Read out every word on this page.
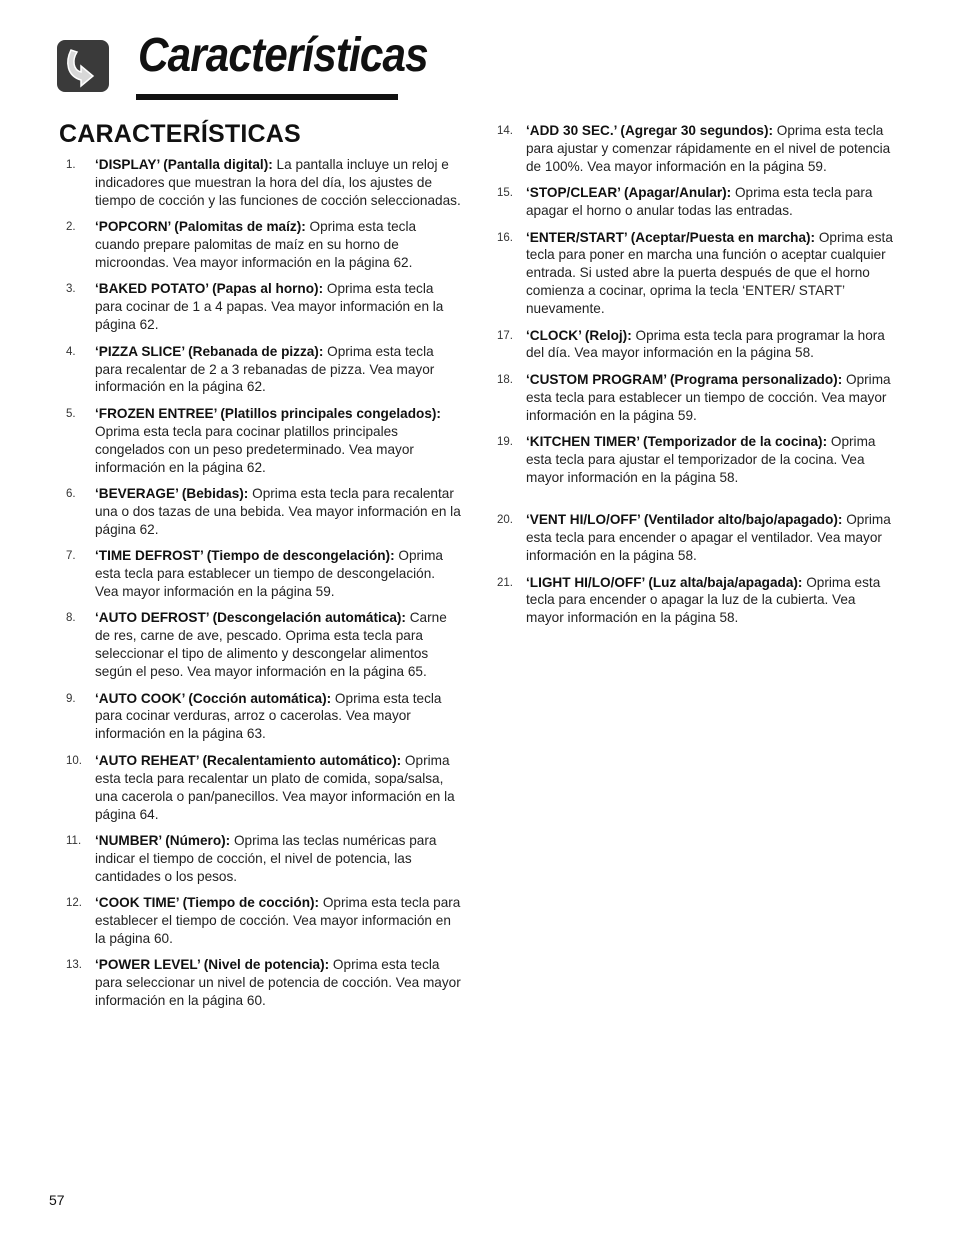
Características
CARACTERÍSTICAS
1. ‘DISPLAY’ (Pantalla digital): La pantalla incluye un reloj e indicadores que muestran la hora del día, los ajustes de tiempo de cocción y las funciones de cocción seleccionadas.
2. ‘POPCORN’ (Palomitas de maíz): Oprima esta tecla cuando prepare palomitas de maíz en su horno de microondas. Vea mayor información en la página 62.
3. ‘BAKED POTATO’ (Papas al horno): Oprima esta tecla para cocinar de 1 a 4 papas. Vea mayor información en la página 62.
4. ‘PIZZA SLICE’ (Rebanada de pizza): Oprima esta tecla para recalentar de 2 a 3 rebanadas de pizza. Vea mayor información en la página 62.
5. ‘FROZEN ENTREE’ (Platillos principales congelados): Oprima esta tecla para cocinar platillos principales congelados con un peso predeterminado. Vea mayor información en la página 62.
6. ‘BEVERAGE’ (Bebidas): Oprima esta tecla para recalentar una o dos tazas de una bebida. Vea mayor información en la página 62.
7. ‘TIME DEFROST’ (Tiempo de descongelación): Oprima esta tecla para establecer un tiempo de descongelación. Vea mayor información en la página 59.
8. ‘AUTO DEFROST’ (Descongelación automática): Carne de res, carne de ave, pescado. Oprima esta tecla para seleccionar el tipo de alimento y descongelar alimentos según el peso. Vea mayor información en la página 65.
9. ‘AUTO COOK’ (Cocción automática): Oprima esta tecla para cocinar verduras, arroz o cacerolas. Vea mayor información en la página 63.
10. ‘AUTO REHEAT’ (Recalentamiento automático): Oprima esta tecla para recalentar un plato de comida, sopa/salsa, una cacerola o pan/panecillos. Vea mayor información en la página 64.
11. ‘NUMBER’ (Número): Oprima las teclas numéricas para indicar el tiempo de cocción, el nivel de potencia, las cantidades o los pesos.
12. ‘COOK TIME’ (Tiempo de cocción): Oprima esta tecla para establecer el tiempo de cocción. Vea mayor información en la página 60.
13. ‘POWER LEVEL’ (Nivel de potencia): Oprima esta tecla para seleccionar un nivel de potencia de cocción. Vea mayor información en la página 60.
14. ‘ADD 30 SEC.’ (Agregar 30 segundos): Oprima esta tecla para ajustar y comenzar rápidamente en el nivel de potencia de 100%. Vea mayor información en la página 59.
15. ‘STOP/CLEAR’ (Apagar/Anular): Oprima esta tecla para apagar el horno o anular todas las entradas.
16. ‘ENTER/START’ (Aceptar/Puesta en marcha): Oprima esta tecla para poner en marcha una función o aceptar cualquier entrada. Si usted abre la puerta después de que el horno comienza a cocinar, oprima la tecla ‘ENTER/ START’ nuevamente.
17. ‘CLOCK’ (Reloj): Oprima esta tecla para programar la hora del día. Vea mayor información en la página 58.
18. ‘CUSTOM PROGRAM’ (Programa personalizado): Oprima esta tecla para establecer un tiempo de cocción. Vea mayor información en la página 59.
19. ‘KITCHEN TIMER’ (Temporizador de la cocina): Oprima esta tecla para ajustar el temporizador de la cocina. Vea mayor información en la página 58.
20. ‘VENT HI/LO/OFF’ (Ventilador alto/bajo/apagado): Oprima esta tecla para encender o apagar el ventilador. Vea mayor información en la página 58.
21. ‘LIGHT HI/LO/OFF’ (Luz alta/baja/apagada): Oprima esta tecla para encender o apagar la luz de la cubierta. Vea mayor información en la página 58.
57
